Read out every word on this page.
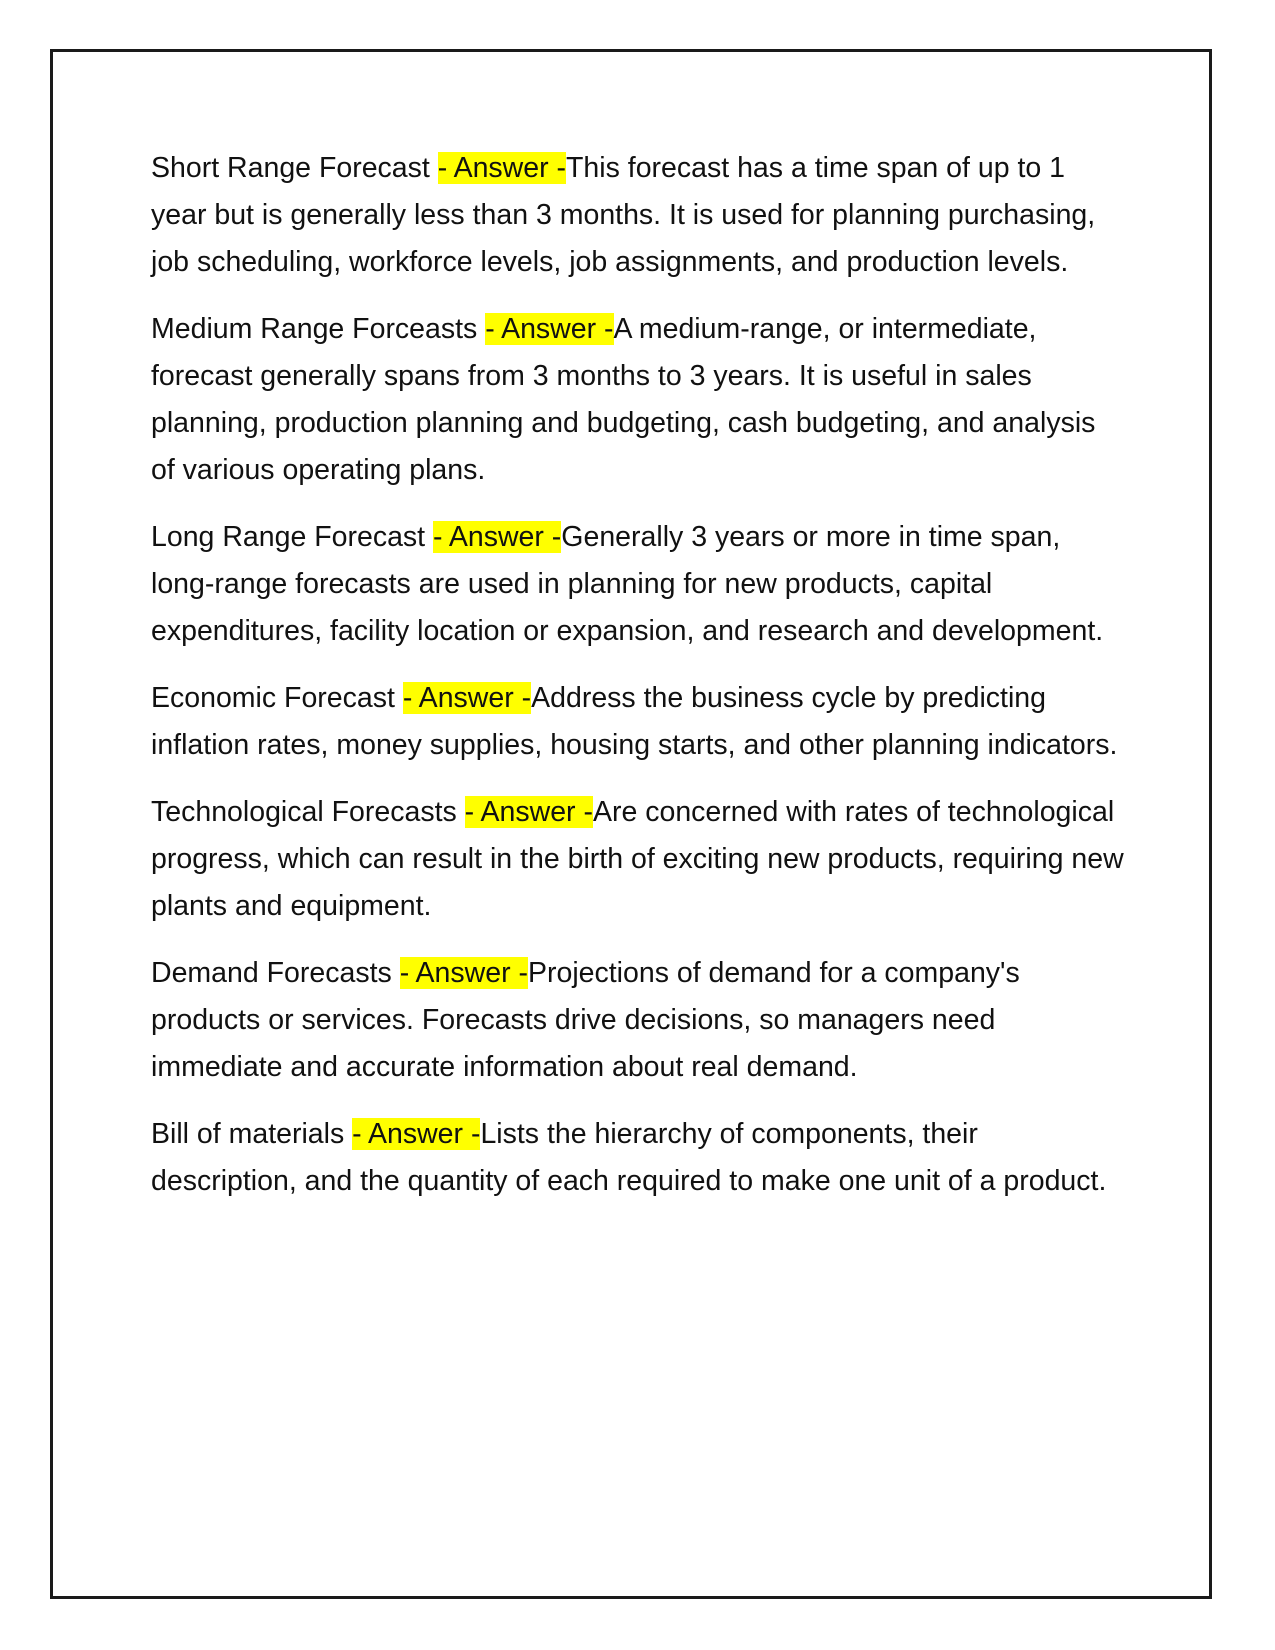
Short Range Forecast - Answer -This forecast has a time span of up to 1 year but is generally less than 3 months. It is used for planning purchasing, job scheduling, workforce levels, job assignments, and production levels.

Medium Range Forceasts - Answer -A medium-range, or intermediate, forecast generally spans from 3 months to 3 years. It is useful in sales planning, production planning and budgeting, cash budgeting, and analysis of various operating plans.

Long Range Forecast - Answer -Generally 3 years or more in time span, long-range forecasts are used in planning for new products, capital expenditures, facility location or expansion, and research and development.

Economic Forecast - Answer -Address the business cycle by predicting inflation rates, money supplies, housing starts, and other planning indicators.

Technological Forecasts - Answer -Are concerned with rates of technological progress, which can result in the birth of exciting new products, requiring new plants and equipment.

Demand Forecasts - Answer -Projections of demand for a company's products or services. Forecasts drive decisions, so managers need immediate and accurate information about real demand.

Bill of materials - Answer -Lists the hierarchy of components, their description, and the quantity of each required to make one unit of a product.
